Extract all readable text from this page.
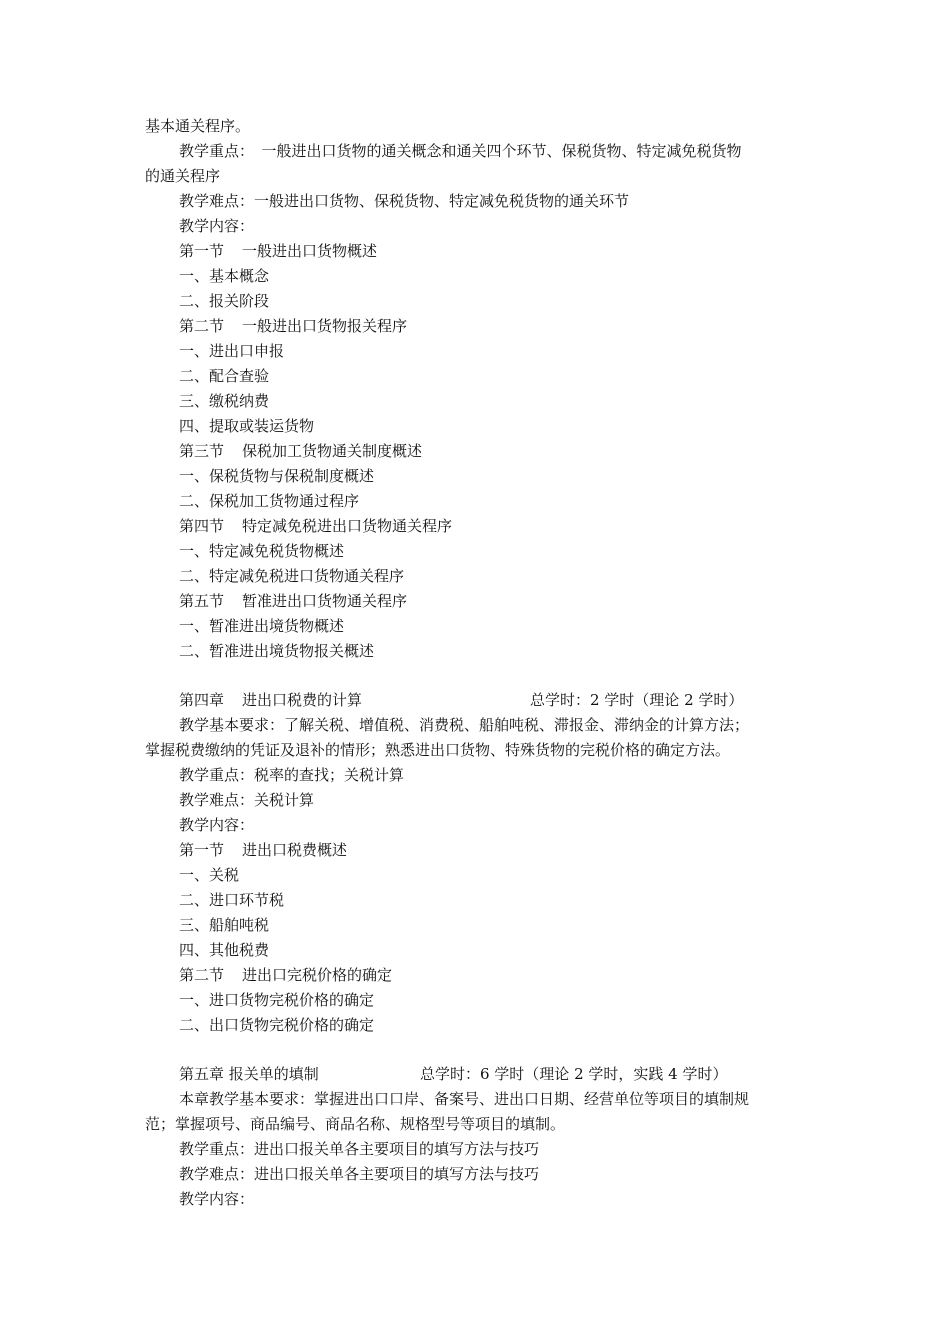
基本通关程序。
教学重点：　一般进出口货物的通关概念和通关四个环节、保税货物、特定减免税货物
的通关程序
教学难点：一般进出口货物、保税货物、特定减免税货物的通关环节
教学内容：
第一节 一般进出口货物概述
一、基本概念
二、报关阶段
第二节 一般进出口货物报关程序
一、进出口申报
二、配合查验
三、缴税纳费
四、提取或装运货物
第三节 保税加工货物通关制度概述
一、保税货物与保税制度概述
二、保税加工货物通过程序
第四节 特定减免税进出口货物通关程序
一、特定减免税货物概述
二、特定减免税进口货物通关程序
第五节 暂准进出口货物通关程序
一、暂准进出境货物概述
二、暂准进出境货物报关概述
第四章 进出口税费的计算	总学时：2 学时（理论 2 学时）
教学基本要求：了解关税、增值税、消费税、船舶吨税、滞报金、滞纳金的计算方法；
掌握税费缴纳的凭证及退补的情形；熟悉进出口货物、特殊货物的完税价格的确定方法。
教学重点：税率的查找；关税计算
教学难点：关税计算
教学内容：
第一节 进出口税费概述
一、关税
二、进口环节税
三、船舶吨税
四、其他税费
第二节 进出口完税价格的确定
一、进口货物完税价格的确定
二、出口货物完税价格的确定
第五章 报关单的填制	总学时：6 学时（理论 2 学时，实践 4 学时）
本章教学基本要求：掌握进出口口岸、备案号、进出口日期、经营单位等项目的填制规
范；掌握项号、商品编号、商品名称、规格型号等项目的填制。
教学重点：进出口报关单各主要项目的填写方法与技巧
教学难点：进出口报关单各主要项目的填写方法与技巧
教学内容：
